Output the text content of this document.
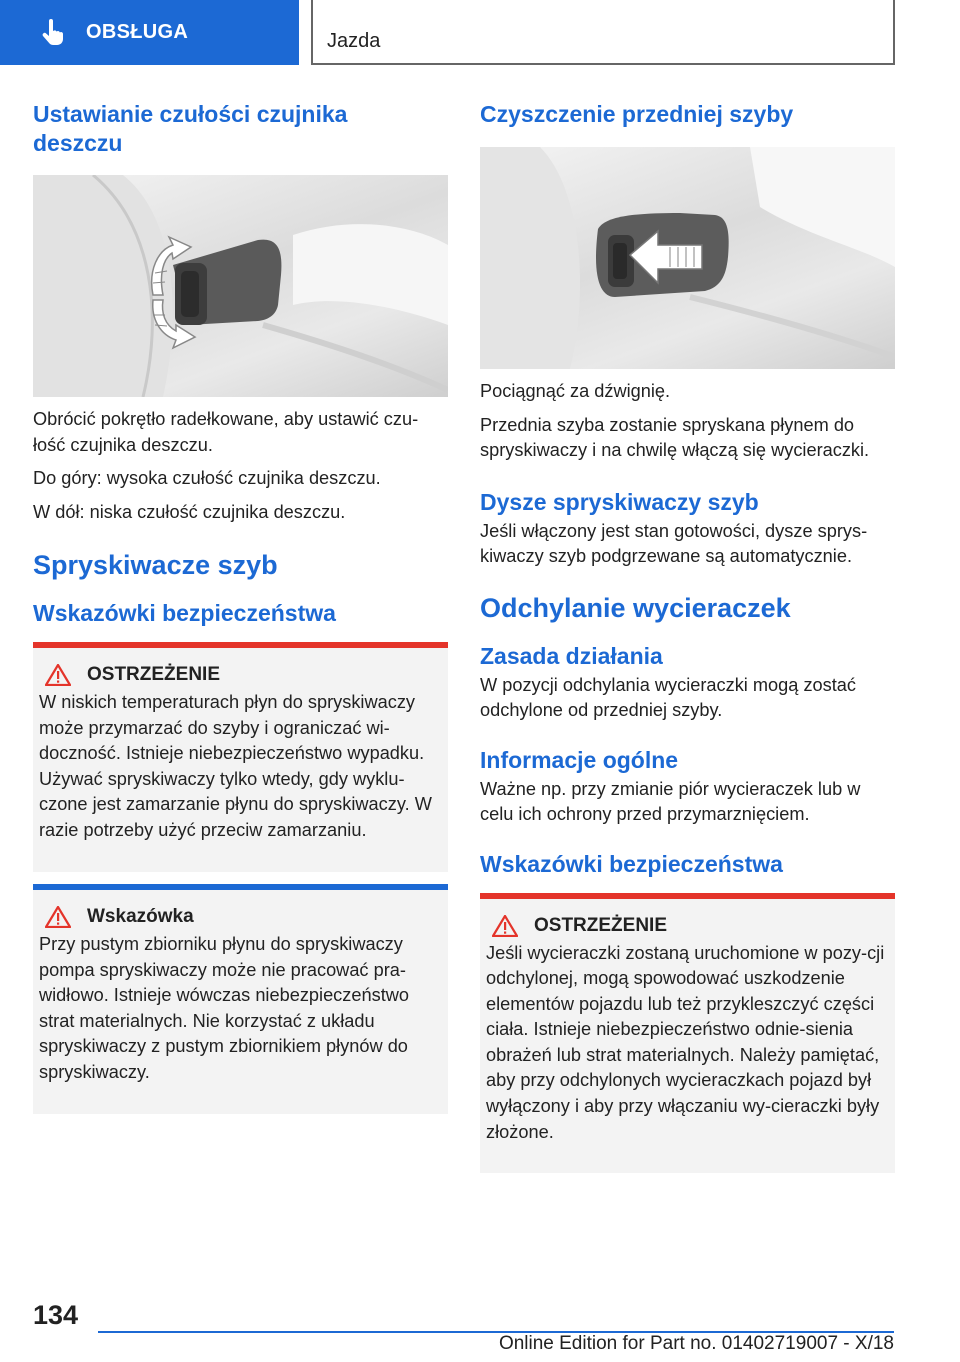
OBSŁUGA	Jazda
Ustawianie czułości czujnika deszczu

Obrócić pokrętło radełkowane, aby ustawić czu‐łość czujnika deszczu.

Do góry: wysoka czułość czujnika deszczu.

W dół: niska czułość czujnika deszczu.

Spryskiwacze szyb
Wskazówki bezpieczeństwa
OSTRZEŻENIE

W niskich temperaturach płyn do spryskiwaczy może przymarzać do szyby i ograniczać wi‐doczność. Istnieje niebezpieczeństwo wypadku. Używać spryskiwaczy tylko wtedy, gdy wyklu‐czone jest zamarzanie płynu do spryskiwaczy. W razie potrzeby użyć przeciw zamarzaniu.

Wskazówka

Przy pustym zbiorniku płynu do spryskiwaczy pompa spryskiwaczy może nie pracować pra‐widłowo. Istnieje wówczas niebezpieczeństwo strat materialnych. Nie korzystać z układu spryskiwaczy z pustym zbiornikiem płynów do spryskiwaczy.

Czyszczenie przedniej szyby

Pociągnąć za dźwignię.

Przednia szyba zostanie spryskana płynem do spryskiwaczy i na chwilę włączą się wycieraczki.

Dysze spryskiwaczy szyb

Jeśli włączony jest stan gotowości, dysze sprys‐kiwaczy szyb podgrzewane są automatycznie.

Odchylanie wycieraczek
Zasada działania

W pozycji odchylania wycieraczki mogą zostać odchylone od przedniej szyby.

Informacje ogólne

Ważne np. przy zmianie piór wycieraczek lub w celu ich ochrony przed przymarznięciem.

Wskazówki bezpieczeństwa
OSTRZEŻENIE

Jeśli wycieraczki zostaną uruchomione w pozy‐cji odchylonej, mogą spowodować uszkodzenie elementów pojazdu lub też przykleszczyć części ciała. Istnieje niebezpieczeństwo odnie‐sienia obrażeń lub strat materialnych. Należy pamiętać, aby przy odchylonych wycieraczkach pojazd był wyłączony i aby przy włączaniu wy‐cieraczki były złożone.

134
Online Edition for Part no. 01402719007 - X/18
